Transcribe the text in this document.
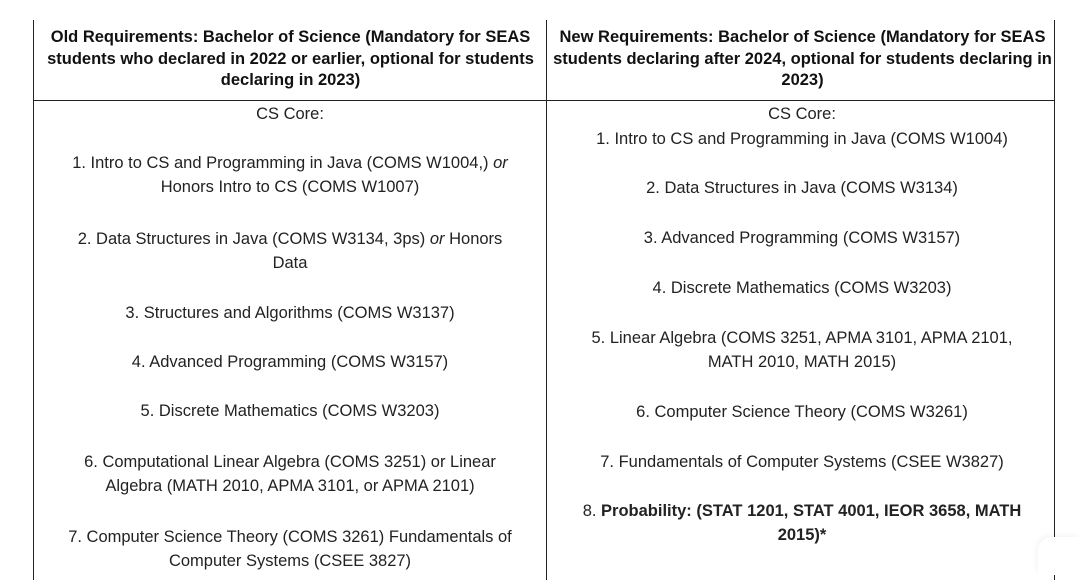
Old Requirements: Bachelor of Science (Mandatory for SEAS students who declared in 2022 or earlier, optional for students declaring in 2023)
New Requirements: Bachelor of Science (Mandatory for SEAS students declaring after 2024, optional for students declaring in 2023)
CS Core:
1. Intro to CS and Programming in Java (COMS W1004,) or
Honors Intro to CS (COMS W1007)
2. Data Structures in Java (COMS W3134, 3ps) or Honors
Data
3. Structures and Algorithms (COMS W3137)
4. Advanced Programming (COMS W3157)
5. Discrete Mathematics (COMS W3203)
6. Computational Linear Algebra (COMS 3251) or Linear
Algebra (MATH 2010, APMA 3101, or APMA 2101)
7. Computer Science Theory (COMS 3261) Fundamentals of
Computer Systems (CSEE 3827)
CS Core:
1. Intro to CS and Programming in Java (COMS W1004)
2. Data Structures in Java (COMS W3134)
3. Advanced Programming (COMS W3157)
4. Discrete Mathematics (COMS W3203)
5. Linear Algebra (COMS 3251, APMA 3101, APMA 2101,
MATH 2010, MATH 2015)
6. Computer Science Theory (COMS W3261)
7. Fundamentals of Computer Systems (CSEE W3827)
8. Probability: (STAT 1201, STAT 4001, IEOR 3658, MATH
2015)*
